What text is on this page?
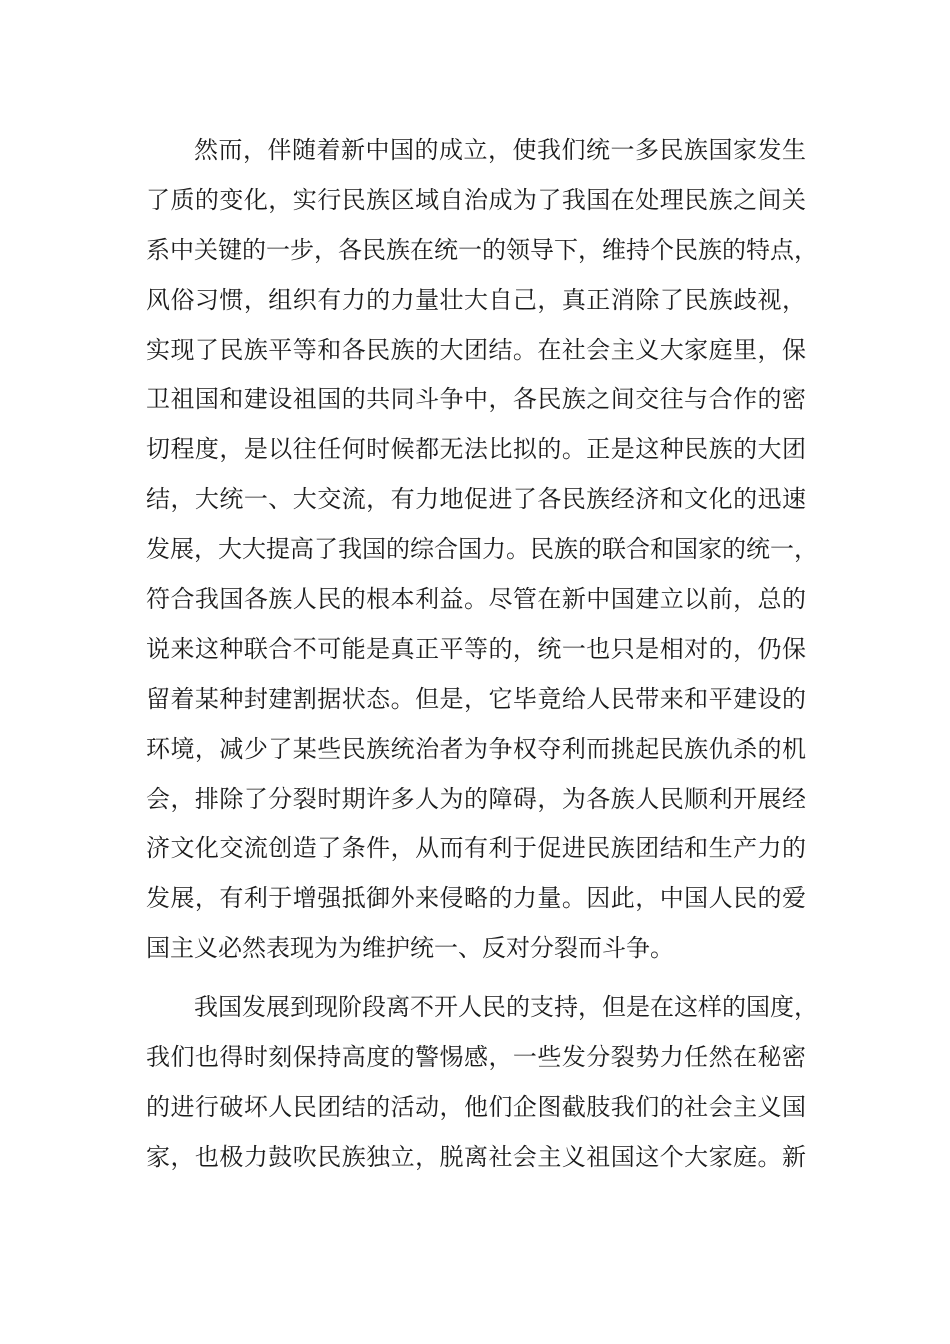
然而，伴随着新中国的成立，使我们统一多民族国家发生
了质的变化，实行民族区域自治成为了我国在处理民族之间关
系中关键的一步，各民族在统一的领导下，维持个民族的特点，
风俗习惯，组织有力的力量壮大自己，真正消除了民族歧视，
实现了民族平等和各民族的大团结。在社会主义大家庭里，保
卫祖国和建设祖国的共同斗争中，各民族之间交往与合作的密
切程度，是以往任何时候都无法比拟的。正是这种民族的大团
结，大统一、大交流，有力地促进了各民族经济和文化的迅速
发展，大大提高了我国的综合国力。民族的联合和国家的统一，
符合我国各族人民的根本利益。尽管在新中国建立以前，总的
说来这种联合不可能是真正平等的，统一也只是相对的，仍保
留着某种封建割据状态。但是，它毕竟给人民带来和平建设的
环境，减少了某些民族统治者为争权夺利而挑起民族仇杀的机
会，排除了分裂时期许多人为的障碍，为各族人民顺利开展经
济文化交流创造了条件，从而有利于促进民族团结和生产力的
发展，有利于增强抵御外来侵略的力量。因此，中国人民的爱
国主义必然表现为为维护统一、反对分裂而斗争。
我国发展到现阶段离不开人民的支持，但是在这样的国度，
我们也得时刻保持高度的警惕感，一些发分裂势力任然在秘密
的进行破坏人民团结的活动，他们企图截肢我们的社会主义国
家，也极力鼓吹民族独立，脱离社会主义祖国这个大家庭。新
